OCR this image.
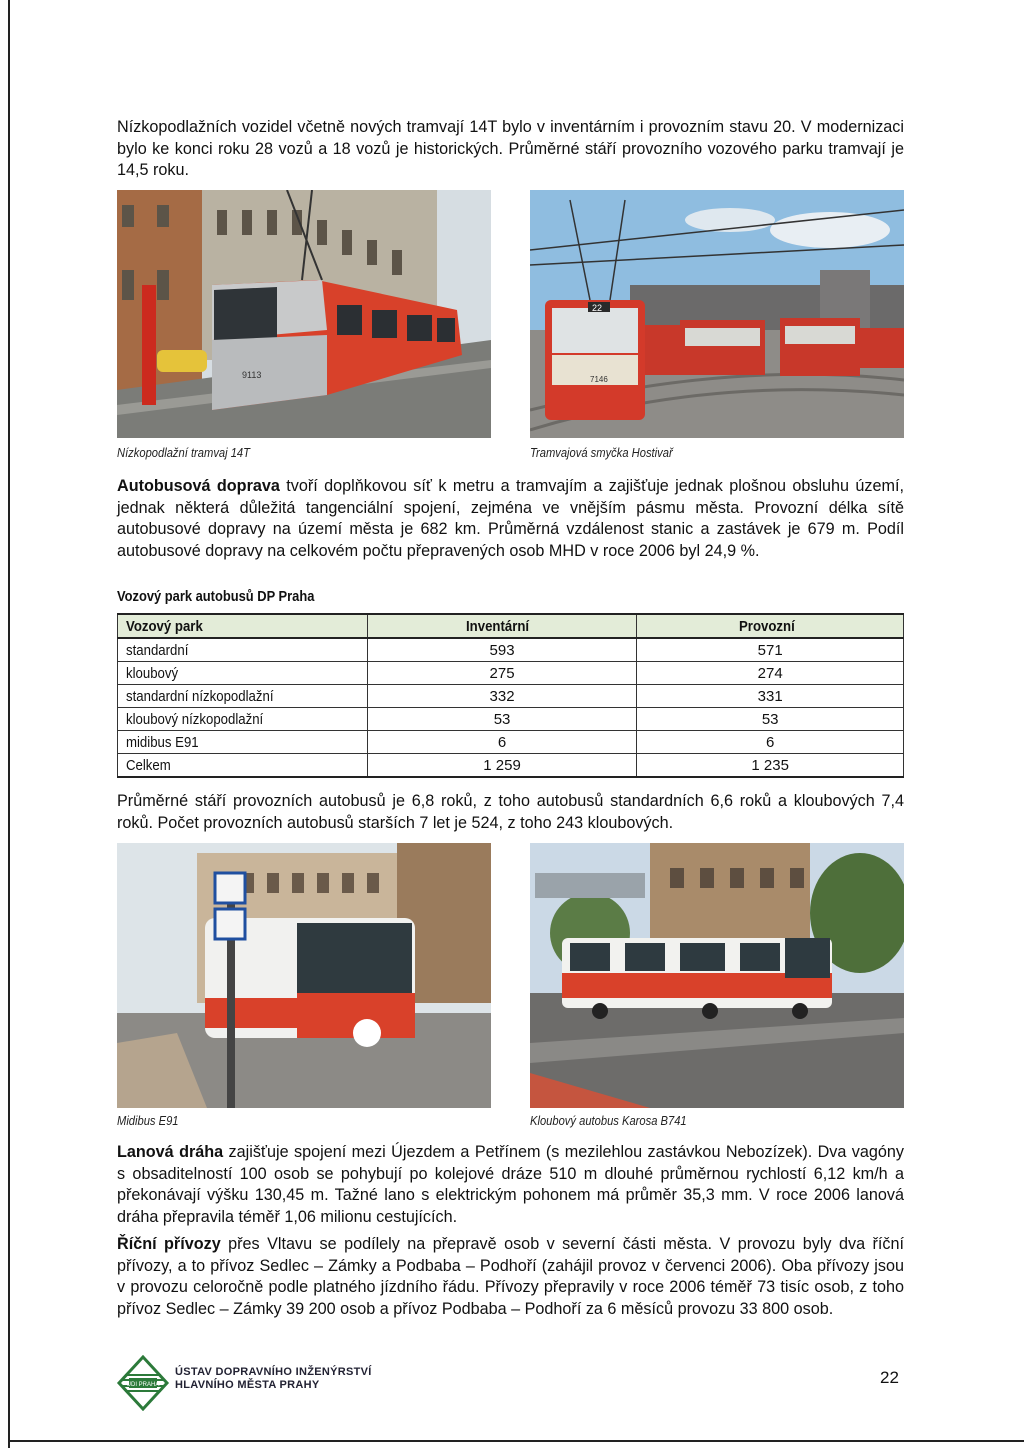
Nízkopodlažních vozidel včetně nových tramvají 14T bylo v inventárním i provozním stavu 20. V modernizaci bylo ke konci roku 28 vozů a 18 vozů je historických. Průměrné stáří provozního vozového parku tramvají je 14,5 roku.

9113
Nízkopodlažní tramvaj 14T
22
7146
Tramvajová smyčka Hostivař

Autobusová doprava tvoří doplňkovou síť k metru a tramvajím a zajišťuje jednak plošnou obsluhu území, jednak některá důležitá tangenciální spojení, zejména ve vnějším pásmu města. Provozní délka sítě autobusové dopravy na území města je 682 km. Průměrná vzdálenost stanic a zastávek je 679 m. Podíl autobusové dopravy na celkovém počtu přepravených osob MHD v roce 2006 byl 24,9 %.

Vozový park autobusů DP Praha
Vozový park	Inventární	Provozní
standardní	593	571
kloubový	275	274
standardní nízkopodlažní	332	331
kloubový nízkopodlažní	53	53
midibus E91	6	6
Celkem	1 259	1 235

Průměrné stáří provozních autobusů je 6,8 roků, z toho autobusů standardních 6,6 roků a kloubových 7,4 roků. Počet provozních autobusů starších 7 let je 524, z toho 243 kloubových.

Midibus E91	Kloubový autobus Karosa B741

Lanová dráha zajišťuje spojení mezi Újezdem a Petřínem (s mezilehlou zastávkou Nebozízek). Dva vagóny s obsaditelností 100 osob se pohybují po kolejové dráze 510 m dlouhé průměrnou rychlostí 6,12 km/h a překonávají výšku 130,45 m. Tažné lano s elektrickým pohonem má průměr 35,3 mm. V roce 2006 lanová dráha přepravila téměř 1,06 milionu cestujících.

Říční přívozy přes Vltavu se podílely na přepravě osob v severní části města. V provozu byly dva říční přívozy, a to přívoz Sedlec – Zámky a Podbaba – Podhoří (zahájil provoz v červenci 2006). Oba přívozy jsou v provozu celoročně podle platného jízdního řádu. Přívozy přepravily v roce 2006 téměř 73 tisíc osob, z toho přívoz Sedlec – Zámky 39 200 osob a přívoz Podbaba – Podhoří za 6 měsíců provozu 33 800 osob.

UDI PRAHA
ÚSTAV DOPRAVNÍHO INŽENÝRSTVÍ
HLAVNÍHO MĚSTA PRAHY	22
